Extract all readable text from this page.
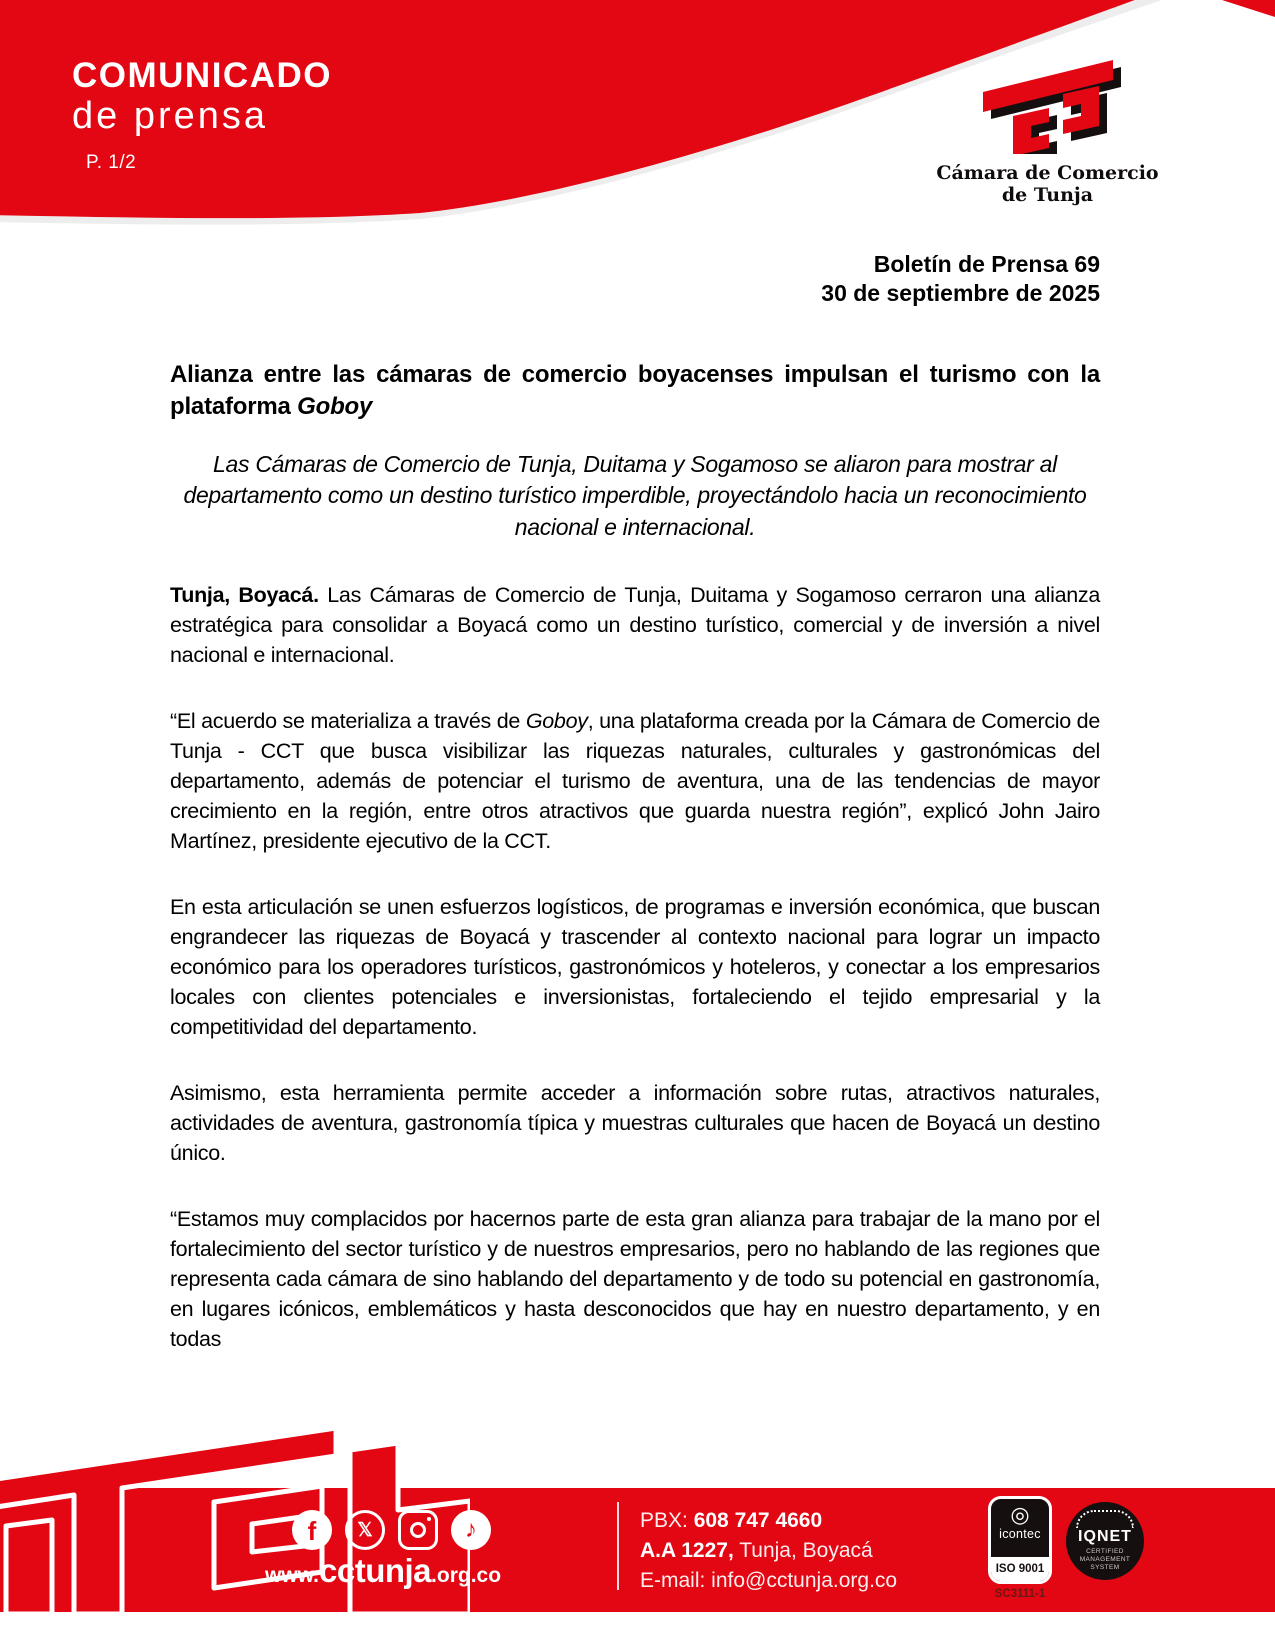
COMUNICADO
de prensa
P. 1/2	Cámara de Comercio
de Tunja
Boletín de Prensa 69
30 de septiembre de 2025
Alianza entre las cámaras de comercio boyacenses impulsan el turismo con la plataforma Goboy
Las Cámaras de Comercio de Tunja, Duitama y Sogamoso se aliaron para mostrar al departamento como un destino turístico imperdible, proyectándolo hacia un reconocimiento nacional e internacional.

Tunja, Boyacá. Las Cámaras de Comercio de Tunja, Duitama y Sogamoso cerraron una alianza estratégica para consolidar a Boyacá como un destino turístico, comercial y de inversión a nivel nacional e internacional.

“El acuerdo se materializa a través de Goboy, una plataforma creada por la Cámara de Comercio de Tunja - CCT que busca visibilizar las riquezas naturales, culturales y gastronómicas del departamento, además de potenciar el turismo de aventura, una de las tendencias de mayor crecimiento en la región, entre otros atractivos que guarda nuestra región”, explicó John Jairo Martínez, presidente ejecutivo de la CCT.

En esta articulación se unen esfuerzos logísticos, de programas e inversión económica, que buscan engrandecer las riquezas de Boyacá y trascender al contexto nacional para lograr un impacto económico para los operadores turísticos, gastronómicos y hoteleros, y conectar a los empresarios locales con clientes potenciales e inversionistas, fortaleciendo el tejido empresarial y la competitividad del departamento.

Asimismo, esta herramienta permite acceder a información sobre rutas, atractivos naturales, actividades de aventura, gastronomía típica y muestras culturales que hacen de Boyacá un destino único.

“Estamos muy complacidos por hacernos parte de esta gran alianza para trabajar de la mano por el fortalecimiento del sector turístico y de nuestros empresarios, pero no hablando de las regiones que representa cada cámara de sino hablando del departamento y de todo su potencial en gastronomía, en lugares icónicos, emblemáticos y hasta desconocidos que hay en nuestro departamento, y en todas

f	𝕏	♪
www.cctunja.org.co
PBX: 608 747 4660
A.A 1227, Tunja, Boyacá
E-mail: info@cctunja.org.co
◎
icontec
ISO 9001
SC3111-1
IQNET
CERTIFIED MANAGEMENT SYSTEM
